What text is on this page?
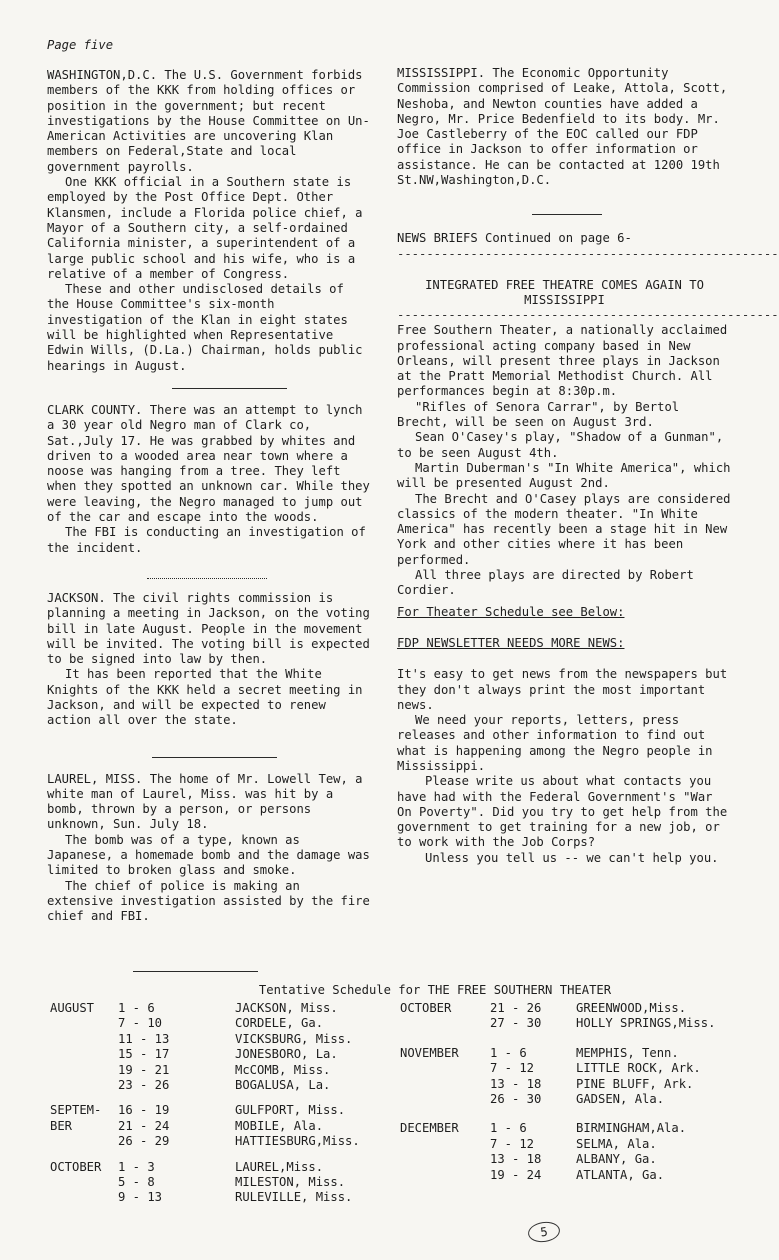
Page five

WASHINGTON,D.C. The U.S. Government forbids members of the KKK from holding offices or position in the government; but recent investigations by the House Committee on Un-American Activities are uncovering Klan members on Federal,State and local government payrolls.

One KKK official in a Southern state is employed by the Post Office Dept. Other Klansmen, include a Florida police chief, a Mayor of a Southern city, a self-ordained California minister, a superintendent of a large public school and his wife, who is a relative of a member of Congress.

These and other undisclosed details of the House Committee's six-month investigation of the Klan in eight states will be highlighted when Representative Edwin Wills, (D.La.) Chairman, holds public hearings in August.

CLARK COUNTY. There was an attempt to lynch a 30 year old Negro man of Clark co, Sat.,July 17. He was grabbed by whites and driven to a wooded area near town where a noose was hanging from a tree. They left when they spotted an unknown car. While they were leaving, the Negro managed to jump out of the car and escape into the woods.

The FBI is conducting an investigation of the incident.

JACKSON. The civil rights commission is planning a meeting in Jackson, on the voting bill in late August. People in the movement will be invited. The voting bill is expected to be signed into law by then.

It has been reported that the White Knights of the KKK held a secret meeting in Jackson, and will be expected to renew action all over the state.

LAUREL, MISS. The home of Mr. Lowell Tew, a white man of Laurel, Miss. was hit by a bomb, thrown by a person, or persons unknown, Sun. July 18.

The bomb was of a type, known as Japanese, a homemade bomb and the damage was limited to broken glass and smoke.

The chief of police is making an extensive investigation assisted by the fire chief and FBI.

MISSISSIPPI. The Economic Opportunity Commission comprised of Leake, Attola, Scott, Neshoba, and Newton counties have added a Negro, Mr. Price Bedenfield to its body. Mr. Joe Castleberry of the EOC called our FDP office in Jackson to offer information or assistance. He can be contacted at 1200 19th St.NW,Washington,D.C.

NEWS BRIEFS Continued on page 6-

----------------------------------------------------

INTEGRATED FREE THEATRE COMES AGAIN TO MISSISSIPPI

----------------------------------------------------

Free Southern Theater, a nationally acclaimed professional acting company based in New Orleans, will present three plays in Jackson at the Pratt Memorial Methodist Church. All performances begin at 8:30p.m.

"Rifles of Senora Carrar", by Bertol Brecht, will be seen on August 3rd.

Sean O'Casey's play, "Shadow of a Gunman", to be seen August 4th.

Martin Duberman's "In White America", which will be presented August 2nd.

The Brecht and O'Casey plays are considered classics of the modern theater. "In White America" has recently been a stage hit in New York and other cities where it has been performed.

All three plays are directed by Robert Cordier.

For Theater Schedule see Below:

FDP NEWSLETTER NEEDS MORE NEWS:

It's easy to get news from the newspapers but they don't always print the most important news.

We need your reports, letters, press releases and other information to find out what is happening among the Negro people in Mississippi.

Please write us about what contacts you have had with the Federal Government's "War On Poverty". Did you try to get help from the government to get training for a new job, or to work with the Job Corps?

Unless you tell us -- we can't help you.

Tentative Schedule for THE FREE SOUTHERN THEATER
AUGUST 1 - 6	JACKSON, Miss.
7 - 10	CORDELE, Ga.
11 - 13	VICKSBURG, Miss.
15 - 17	JONESBORO, La.
19 - 21	McCOMB, Miss.
23 - 26	BOGALUSA, La.
SEPTEM- 16 - 19	GULFPORT, Miss.
BER	21 - 24	MOBILE, Ala.
26 - 29	HATTIESBURG,Miss.
OCTOBER 1 - 3	LAUREL,Miss.
5 - 8	MILESTON, Miss.
9 - 13	RULEVILLE, Miss.
OCTOBER	21 - 26	GREENWOOD,Miss.
27 - 30	HOLLY SPRINGS,Miss.
NOVEMBER	1 - 6	MEMPHIS, Tenn.
7 - 12	LITTLE ROCK, Ark.
13 - 18	PINE BLUFF, Ark.
26 - 30	GADSEN, Ala.
DECEMBER	1 - 6	BIRMINGHAM,Ala.
7 - 12	SELMA, Ala.
13 - 18	ALBANY, Ga.
19 - 24	ATLANTA, Ga.
5
